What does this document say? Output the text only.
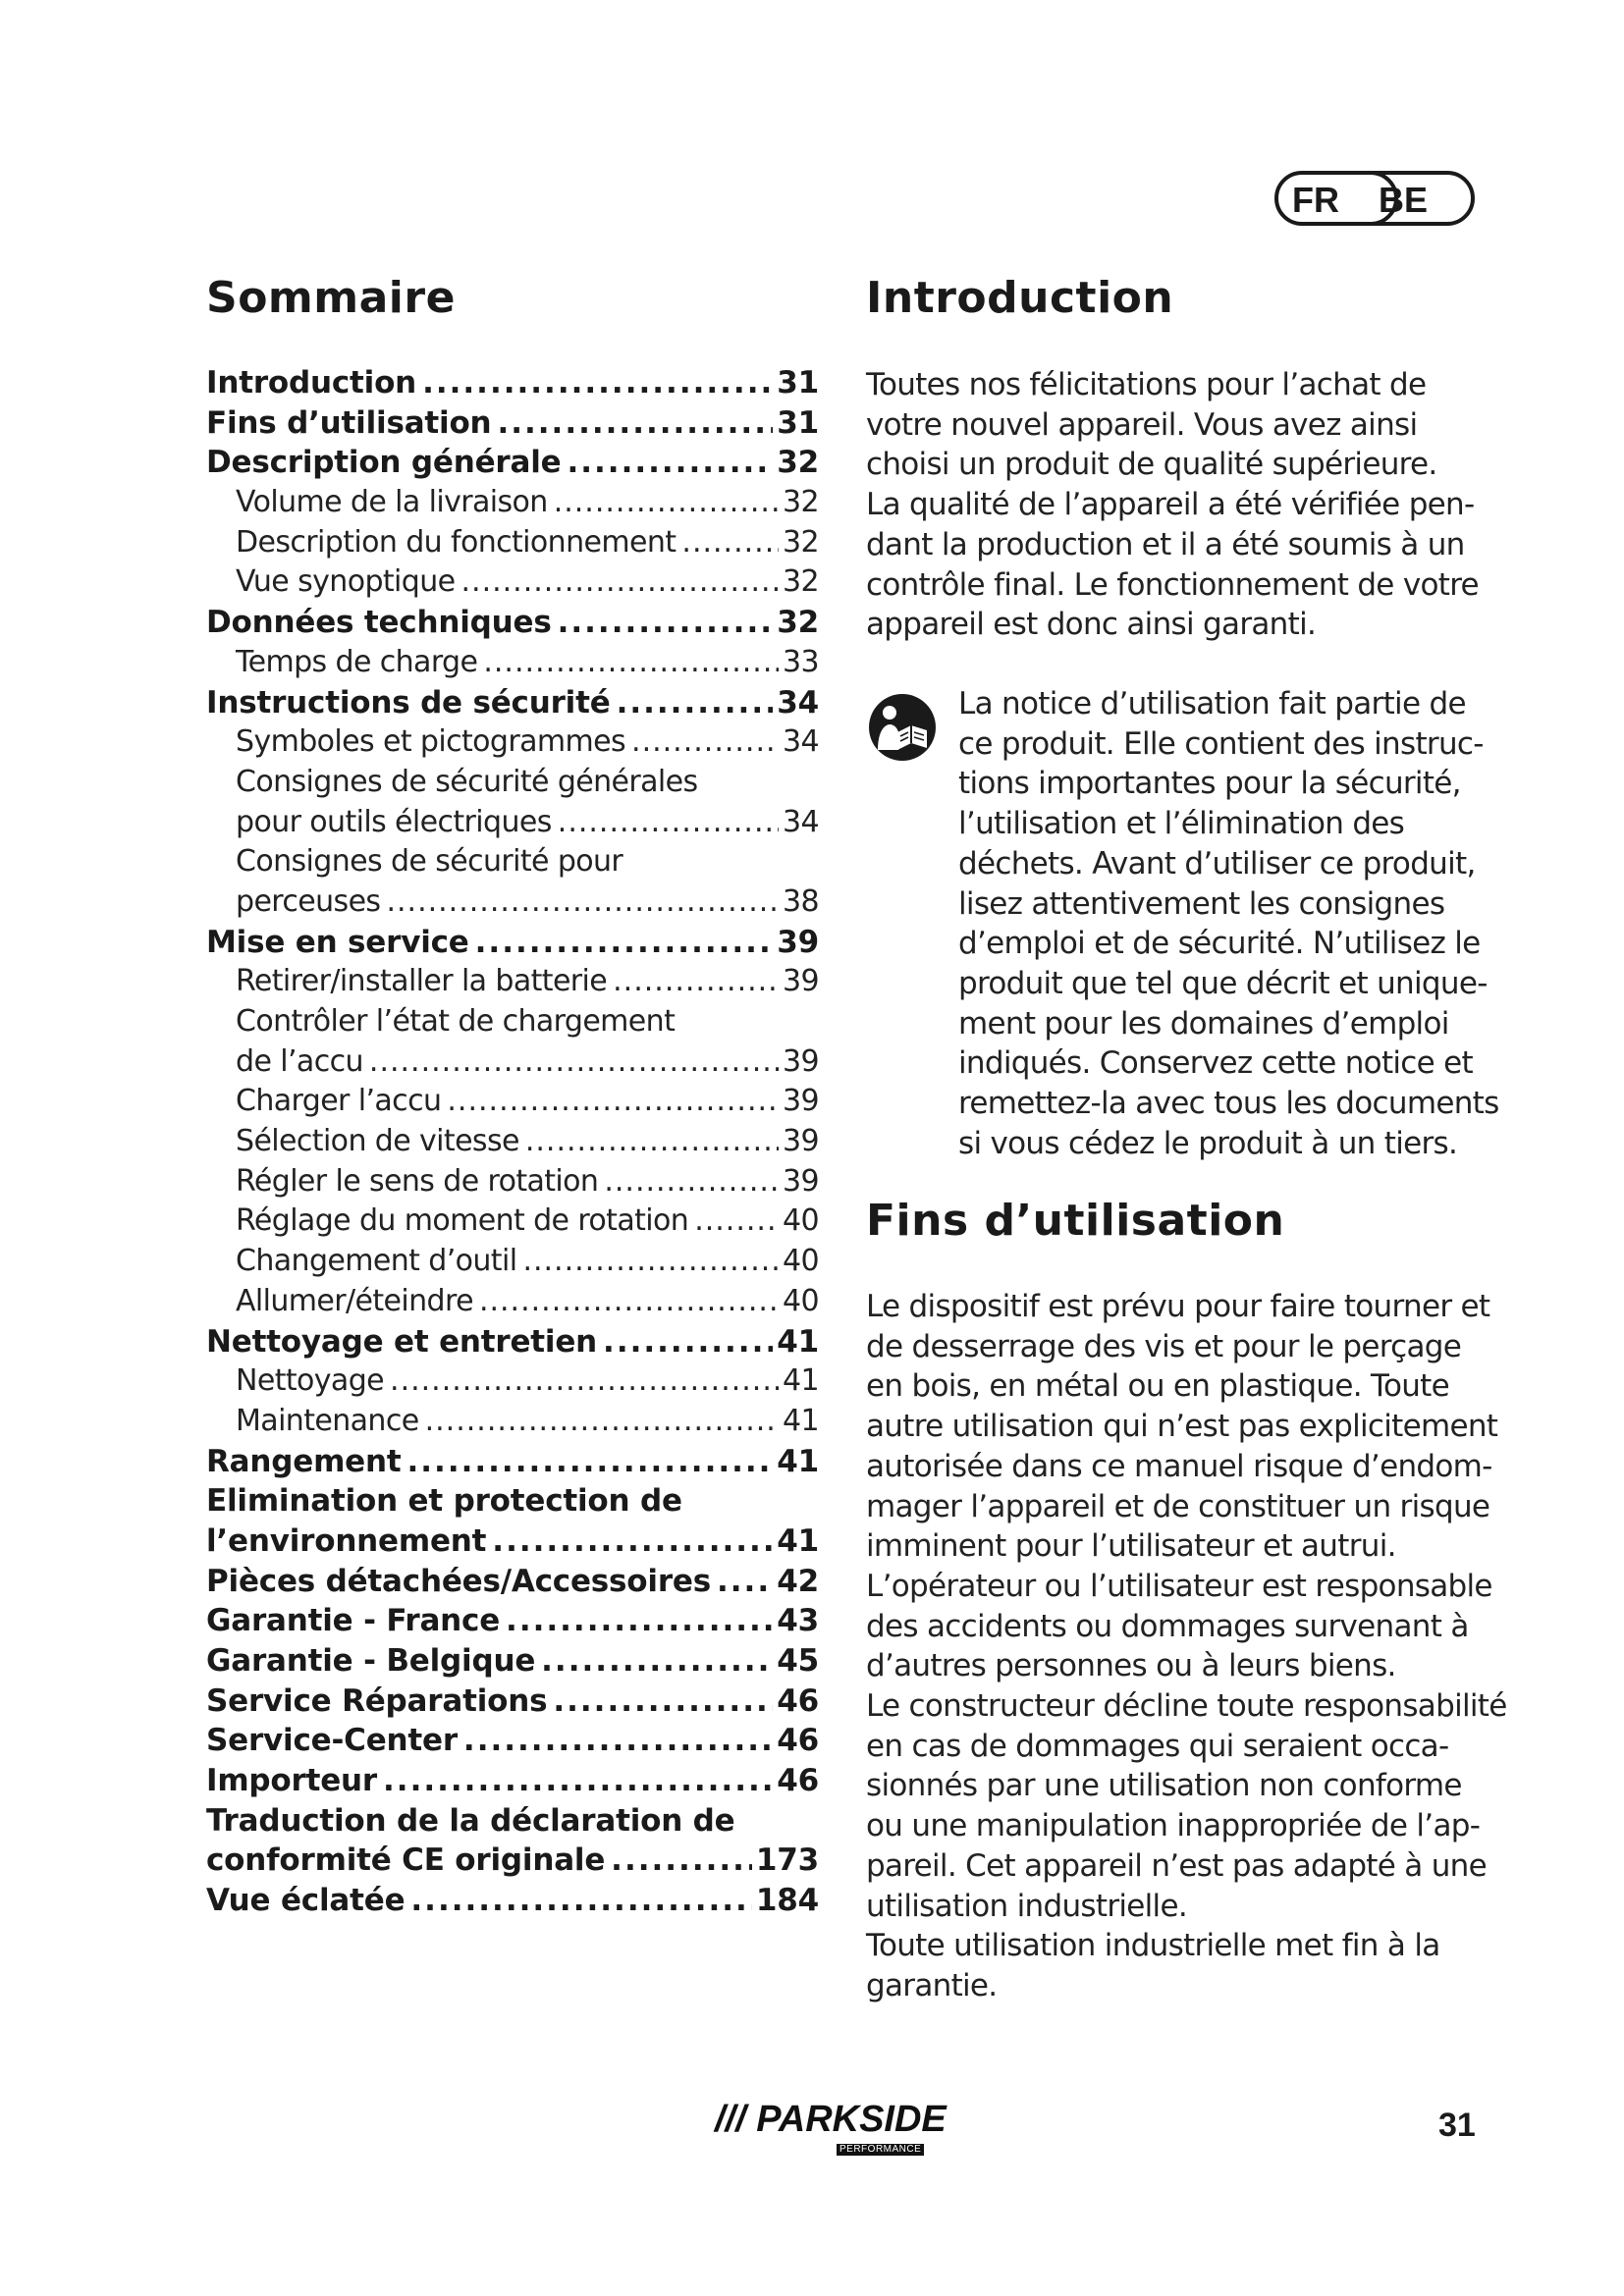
FR BE
Sommaire
Introduction .....	31
Fins d’utilisation .....	31
Description générale .....	32
Volume de la livraison .....	32
Description du fonctionnement .....	32
Vue synoptique .....	32
Données techniques .....	32
Temps de charge .....	33
Instructions de sécurité .....	34
Symboles et pictogrammes .....	34
Consignes de sécurité générales
pour outils électriques .....	34
Consignes de sécurité pour
perceuses .....	38
Mise en service .....	39
Retirer/installer la batterie .....	39
Contrôler l’état de chargement
de l’accu .....	39
Charger l’accu .....	39
Sélection de vitesse .....	39
Régler le sens de rotation .....	39
Réglage du moment de rotation .....	40
Changement d’outil .....	40
Allumer/éteindre .....	40
Nettoyage et entretien .....	41
Nettoyage .....	41
Maintenance .....	41
Rangement .....	41
Elimination et protection de
l’environnement .....	41
Pièces détachées/Accessoires ..... 42
Garantie - France .....	43
Garantie - Belgique .....	45
Service Réparations .....	46
Service-Center .....	46
Importeur .....	46
Traduction de la déclaration de
conformité CE originale .....	173
Vue éclatée .....	184
Introduction
Toutes nos félicitations pour l’achat de
votre nouvel appareil. Vous avez ainsi
choisi un produit de qualité supérieure.
La qualité de l’appareil a été vérifiée pen-
dant la production et il a été soumis à un
contrôle final. Le fonctionnement de votre
appareil est donc ainsi garanti.
La notice d’utilisation fait partie de
ce produit. Elle contient des instruc-
tions importantes pour la sécurité,
l’utilisation et l’élimination des
déchets. Avant d’utiliser ce produit,
lisez attentivement les consignes
d’emploi et de sécurité. N’utilisez le
produit que tel que décrit et unique-
ment pour les domaines d’emploi
indiqués. Conservez cette notice et
remettez-la avec tous les documents
si vous cédez le produit à un tiers.
Fins d’utilisation
Le dispositif est prévu pour faire tourner et
de desserrage des vis et pour le perçage
en bois, en métal ou en plastique. Toute
autre utilisation qui n’est pas explicitement
autorisée dans ce manuel risque d’endom-
mager l’appareil et de constituer un risque
imminent pour l’utilisateur et autrui.
L’opérateur ou l’utilisateur est responsable
des accidents ou dommages survenant à
d’autres personnes ou à leurs biens.
Le constructeur décline toute responsabilité
en cas de dommages qui seraient occa-
sionnés par une utilisation non conforme
ou une manipulation inappropriée de l’ap-
pareil. Cet appareil n’est pas adapté à une
utilisation industrielle.
Toute utilisation industrielle met fin à la
garantie.
/// PARKSIDE
PERFORMANCE
31
